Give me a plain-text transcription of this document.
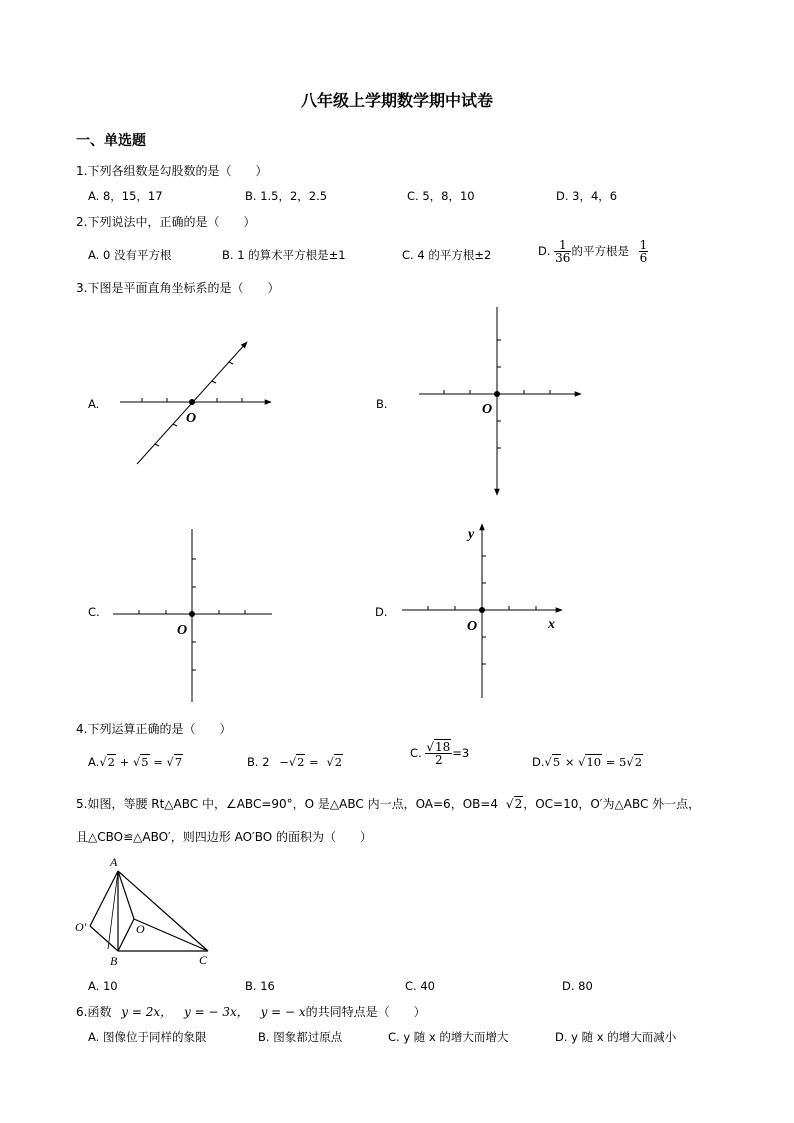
八年级上学期数学期中试卷
一、单选题
1.下列各组数是勾股数的是（　　）
A. 8，15，17	B. 1.5，2，2.5	C. 5，8，10	D. 3，4，6
2.下列说法中，正确的是（　　）
A. 0 没有平方根	B. 1 的算术平方根是±1	C. 4 的平方根±2	D. $\frac{1}{36}$ 的平方根是 $\frac{1}{6}$
3.下图是平面直角坐标系的是（　　）
A.	B.
C.	D.
O
O
O	O	x
y
A
B	C
O
O′
4.下列运算正确的是（　　）
A.√2 + √5 = √7	B. 2 −√2 = √2
C. $\frac{√18}{2} =3$
D.√5 × √10 = 5√2
5.如图，等腰 Rt△ABC 中，∠ABC=90°，O 是△ABC 内一点，OA=6，OB=4 √2，OC=10，O′为△ABC 外一点，
且△CBO≌△ABO′，则四边形 AO′BO 的面积为（　　）
A. 10	B. 16	C. 40	D. 80
6.函数 y = 2x， y = − 3x， y = − x的共同特点是（　　）
A. 图像位于同样的象限	B. 图象都过原点	C. y 随 x 的增大而增大	D. y 随 x 的增大而减小
